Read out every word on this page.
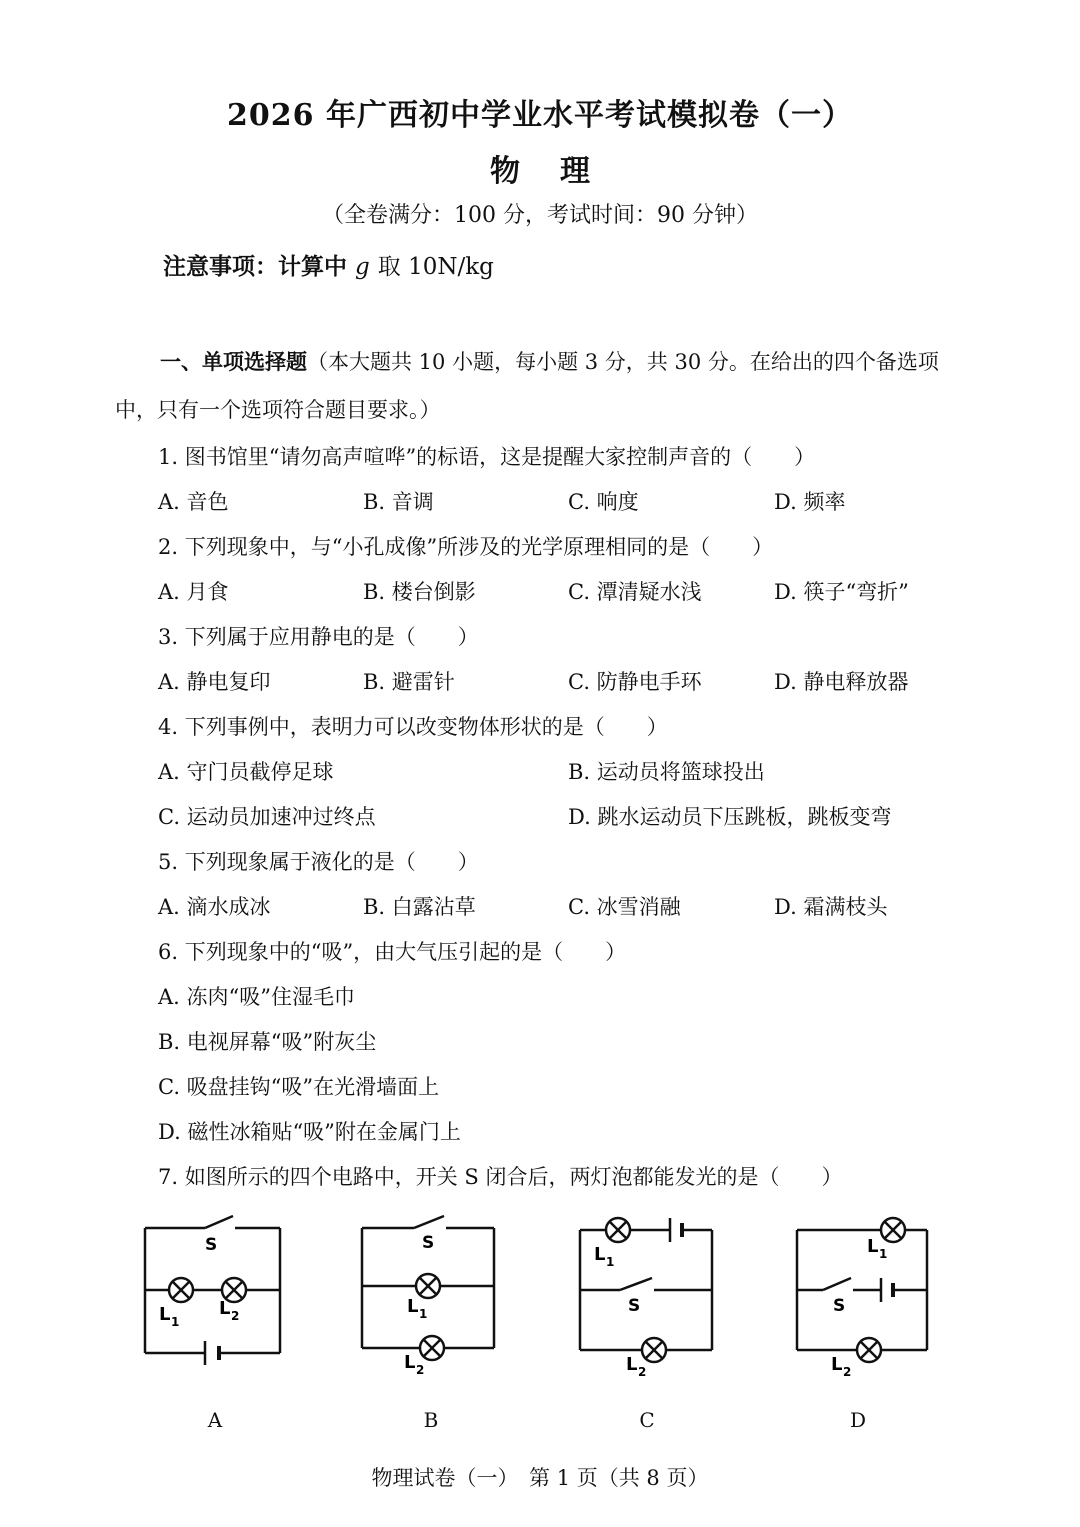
2026 年广西初中学业水平考试模拟卷（一）
物理
（全卷满分：100 分，考试时间：90 分钟）
注意事项：计算中 g 取 10N/kg
一、单项选择题（本大题共 10 小题，每小题 3 分，共 30 分。在给出的四个备选项
中，只有一个选项符合题目要求。）
1. 图书馆里“请勿高声喧哗”的标语，这是提醒大家控制声音的（　　）
A. 音色	B. 音调	C. 响度	D. 频率
2. 下列现象中，与“小孔成像”所涉及的光学原理相同的是（　　）
A. 月食	B. 楼台倒影	C. 潭清疑水浅	D. 筷子“弯折”
3. 下列属于应用静电的是（　　）
A. 静电复印	B. 避雷针	C. 防静电手环	D. 静电释放器
4. 下列事例中，表明力可以改变物体形状的是（　　）
A. 守门员截停足球	B. 运动员将篮球投出
C. 运动员加速冲过终点	D. 跳水运动员下压跳板，跳板变弯
5. 下列现象属于液化的是（　　）
A. 滴水成冰	B. 白露沾草	C. 冰雪消融	D. 霜满枝头
6. 下列现象中的“吸”，由大气压引起的是（　　）
A. 冻肉“吸”住湿毛巾
B. 电视屏幕“吸”附灰尘
C. 吸盘挂钩“吸”在光滑墙面上
D. 磁性冰箱贴“吸”附在金属门上
7. 如图所示的四个电路中，开关 S 闭合后，两灯泡都能发光的是（　　）
S
L 1
L 2
S
L 1
L 2
L 1
S
L 2
L 1
S
L 2
A	B	C	D
物理试卷（一）　第 1 页（共 8 页）
